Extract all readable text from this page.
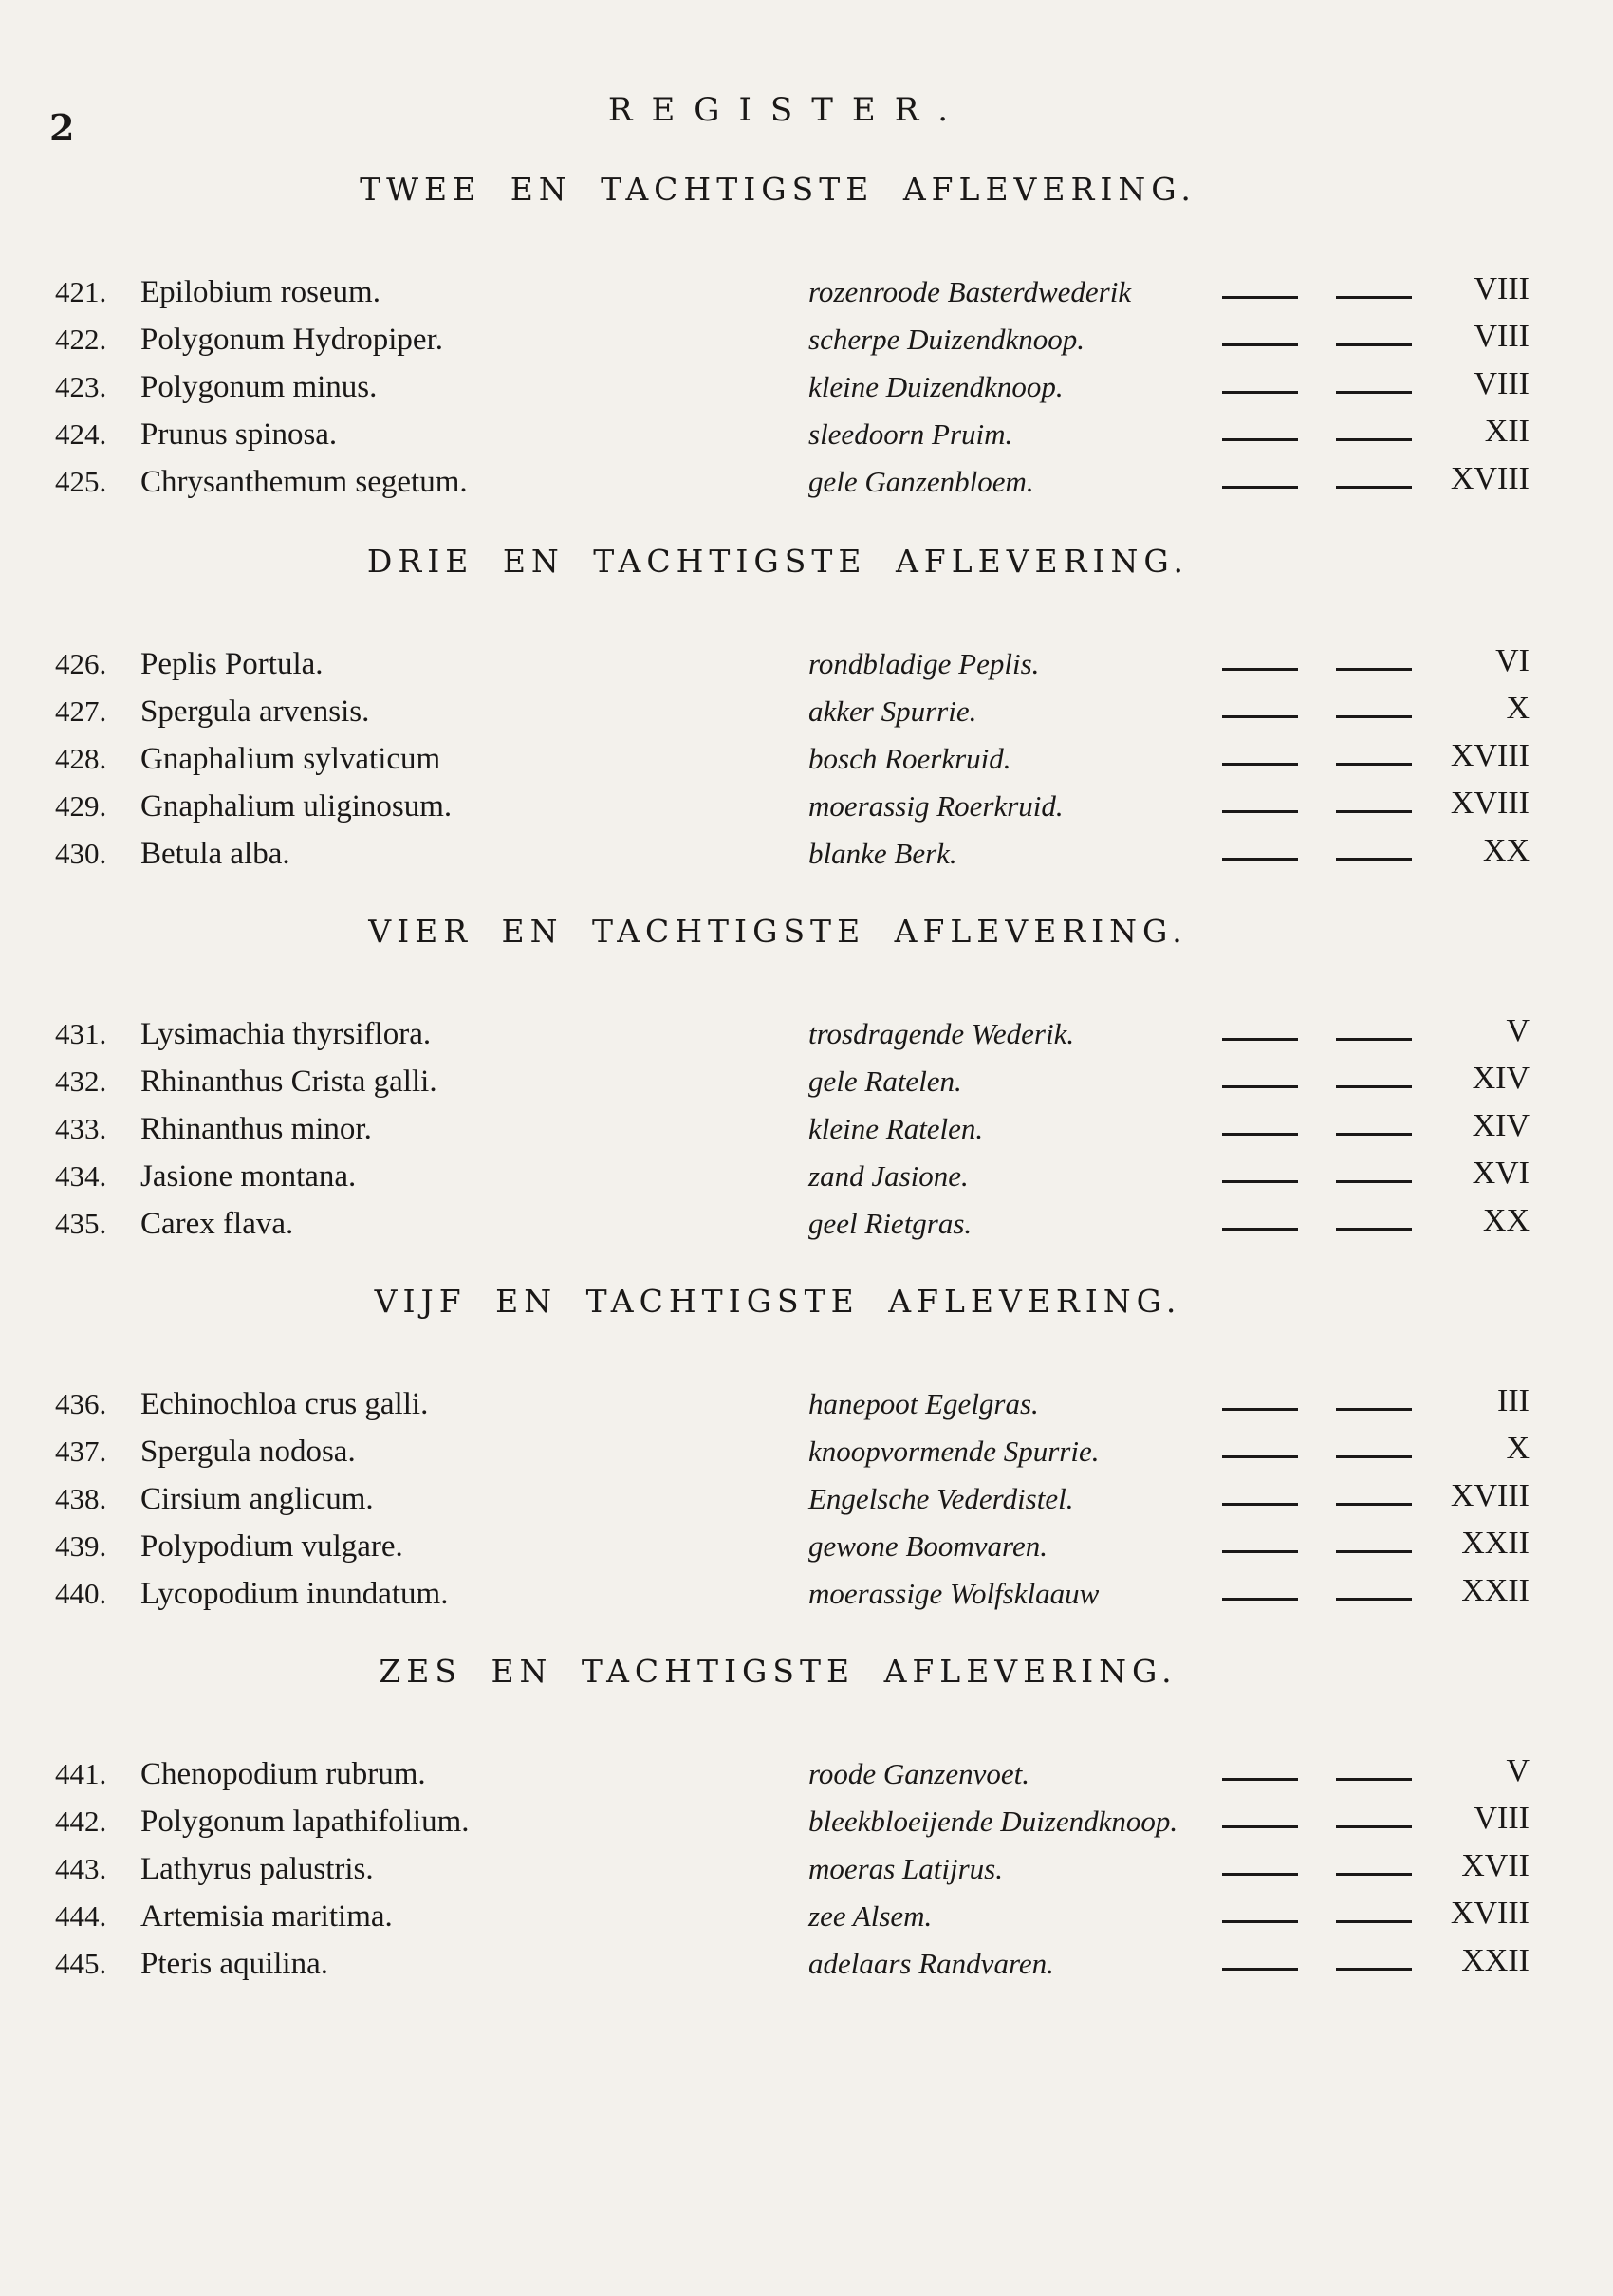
2	REGISTER.
TWEE EN TACHTIGSTE AFLEVERING.
DRIE EN TACHTIGSTE AFLEVERING.
VIER EN TACHTIGSTE AFLEVERING.
VIJF EN TACHTIGSTE AFLEVERING.
ZES EN TACHTIGSTE AFLEVERING.
421.	Epilobium roseum.	rozenroode Basterdwederik	VIII
422.	Polygonum Hydropiper.	scherpe Duizendknoop.	VIII
423.	Polygonum minus.	kleine Duizendknoop.	VIII
424.	Prunus spinosa.	sleedoorn Pruim.	XII
425.	Chrysanthemum segetum.	gele Ganzenbloem.	XVIII
426.	Peplis Portula.	rondbladige Peplis.	VI
427.	Spergula arvensis.	akker Spurrie.	X
428.	Gnaphalium sylvaticum	bosch Roerkruid.	XVIII
429.	Gnaphalium uliginosum.	moerassig Roerkruid.	XVIII
430.	Betula alba.	blanke Berk.	XX
431.	Lysimachia thyrsiflora.	trosdragende Wederik.	V
432.	Rhinanthus Crista galli.	gele Ratelen.	XIV
433.	Rhinanthus minor.	kleine Ratelen.	XIV
434.	Jasione montana.	zand Jasione.	XVI
435.	Carex flava.	geel Rietgras.	XX
436.	Echinochloa crus galli.	hanepoot Egelgras.	III
437.	Spergula nodosa.	knoopvormende Spurrie.	X
438.	Cirsium anglicum.	Engelsche Vederdistel.	XVIII
439.	Polypodium vulgare.	gewone Boomvaren.	XXII
440.	Lycopodium inundatum.	moerassige Wolfsklaauw	XXII
441.	Chenopodium rubrum.	roode Ganzenvoet.	V
442.	Polygonum lapathifolium.	bleekbloeijende Duizendknoop.	VIII
443.	Lathyrus palustris.	moeras Latijrus.	XVII
444.	Artemisia maritima.	zee Alsem.	XVIII
445.	Pteris aquilina.	adelaars Randvaren.	XXII
